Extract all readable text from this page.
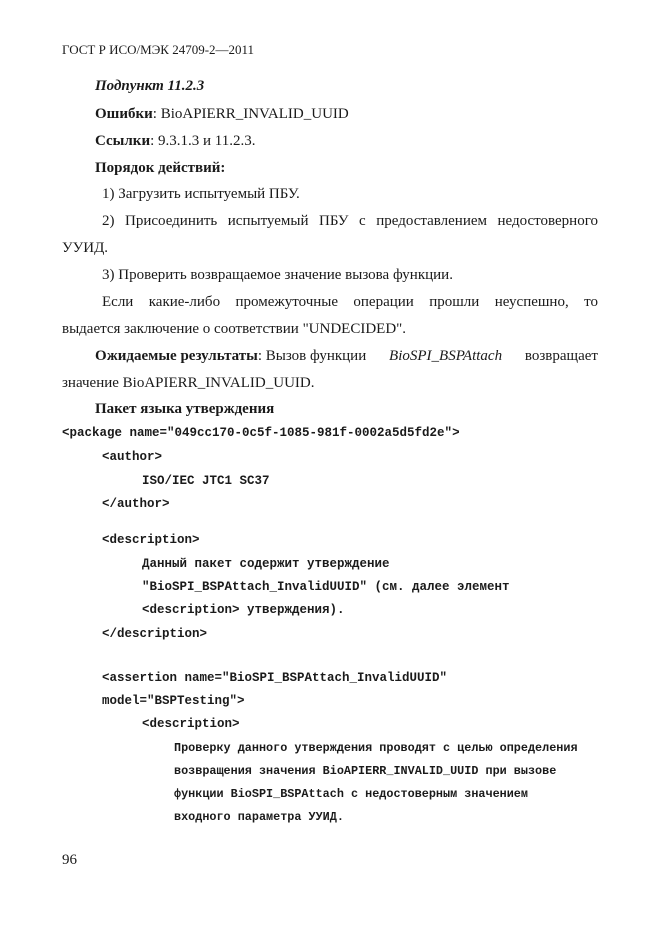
ГОСТ Р ИСО/МЭК 24709-2—2011
Подпункт 11.2.3
Ошибки: BioAPIERR_INVALID_UUID
Ссылки: 9.3.1.3 и 11.2.3.
Порядок действий:
1) Загрузить испытуемый ПБУ.
2) Присоединить испытуемый ПБУ с предоставлением недостоверного
УУИД.
3) Проверить возвращаемое значение вызова функции.
Если какие-либо промежуточные операции прошли неуспешно, то
выдается заключение о соответствии "UNDECIDED".
Ожидаемые результаты: Вызов функции BioSPI_BSPAttach возвращает
значение BioAPIERR_INVALID_UUID.
Пакет языка утверждения
<package name="049cc170-0c5f-1085-981f-0002a5d5fd2e">
<author>
ISO/IEC JTC1 SC37
</author>
<description>
Данный пакет содержит утверждение
"BioSPI_BSPAttach_InvalidUUID" (см. далее элемент
<description> утверждения).
</description>
<assertion name="BioSPI_BSPAttach_InvalidUUID"
model="BSPTesting">
<description>
Проверку данного утверждения проводят с целью определения
возвращения значения BioAPIERR_INVALID_UUID при вызове
функции BioSPI_BSPAttach с недостоверным значением
входного параметра УУИД.
96
